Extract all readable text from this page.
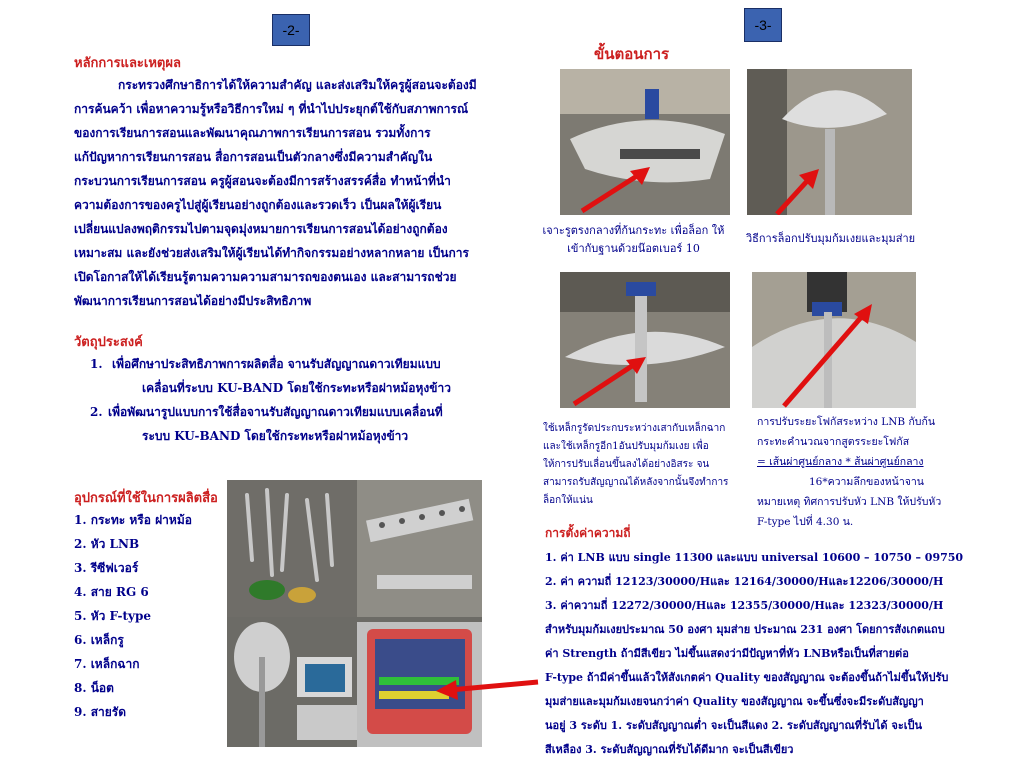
-2-
หลักการและเหตุผล
กระทรวงศึกษาธิการได้ให้ความสำคัญ และส่งเสริมให้ครูผู้สอนจะต้องมี
การค้นคว้า เพื่อหาความรู้หรือวิธีการใหม่ ๆ ที่นำไปประยุกต์ใช้กับสภาพการณ์
ของการเรียนการสอนและพัฒนาคุณภาพการเรียนการสอน รวมทั้งการ
แก้ปัญหาการเรียนการสอน สื่อการสอนเป็นตัวกลางซึ่งมีความสำคัญใน
กระบวนการเรียนการสอน ครูผู้สอนจะต้องมีการสร้างสรรค์สื่อ ทำหน้าที่นำ
ความต้องการของครูไปสู่ผู้เรียนอย่างถูกต้องและรวดเร็ว เป็นผลให้ผู้เรียน
เปลี่ยนแปลงพฤติกรรมไปตามจุดมุ่งหมายการเรียนการสอนได้อย่างถูกต้อง
เหมาะสม และยังช่วยส่งเสริมให้ผู้เรียนได้ทำกิจกรรมอย่างหลากหลาย เป็นการ
เปิดโอกาสให้ได้เรียนรู้ตามความความสามารถของตนเอง และสามารถช่วย
พัฒนาการเรียนการสอนได้อย่างมีประสิทธิภาพ
วัตถุประสงค์
1. เพื่อศึกษาประสิทธิภาพการผลิตสื่อ จานรับสัญญาณดาวเทียมแบบ
เคลื่อนที่ระบบ KU-BAND โดยใช้กระทะหรือฝาหม้อหุงข้าว
2. เพื่อพัฒนารูปแบบการใช้สื่อจานรับสัญญาณดาวเทียมแบบเคลื่อนที่
ระบบ KU-BAND โดยใช้กระทะหรือฝาหม้อหุงข้าว
อุปกรณ์ที่ใช้ในการผลิตสื่อ
1. กระทะ หรือ ฝาหม้อ
2. หัว LNB
3. รีซีฟเวอร์
4. สาย RG 6
5. หัว F-type
6. เหล็กรู
7. เหล็กฉาก
8. น็อต
9. สายรัด
-3-
ขั้นตอนการ
เจาะรูตรงกลางที่ก้นกระทะ เพื่อล็อก ให้เข้ากับฐานด้วยน๊อตเบอร์ 10
วิธีการล็อกปรับมุมก้มเงยและมุมส่าย
ใช้เหล็กรูรัดประกบระหว่างเสากับเหล็กฉาก และใช้เหล็กรูอีก1อันปรับมุมก้มเงย เพื่อให้การปรับเลื่อนขึ้นลงได้อย่างอิสระ จนสามารถรับสัญญาณได้หลังจากนั้นจึงทำการล็อกให้แน่น
การปรับระยะโฟกัสระหว่าง LNB กับก้น
กระทะคำนวณจากสูตรระยะโฟกัส
= เส้นผ่าศูนย์กลาง * ส้นผ่าศูนย์กลาง
16*ความลึกของหน้าจาน
หมายเหตุ ทิศการปรับหัว LNB ให้ปรับหัว
F-type ไปที่ 4.30 น.
การตั้งค่าความถี่
1. ค่า LNB แบบ single 11300 และแบบ universal 10600 – 10750 – 09750
2. ค่า ความถี่ 12123/30000/Hและ 12164/30000/Hและ12206/30000/H
3. ค่าความถี่ 12272/30000/Hและ 12355/30000/Hและ 12323/30000/H
สำหรับมุมก้มเงยประมาณ 50 องศา มุมส่าย ประมาณ 231 องศา โดยการสังเกตแถบ
ค่า Strength ถ้ามีสีเขียว ไม่ขึ้นแสดงว่ามีปัญหาที่หัว LNBหรือเป็นที่สายต่อ
F-type ถ้ามีค่าขึ้นแล้วให้สังเกตค่า Quality ของสัญญาณ จะต้องขึ้นถ้าไม่ขึ้นให้ปรับ
มุมส่ายและมุมก้มเงยจนกว่าค่า Quality ของสัญญาณ จะขึ้นซึ่งจะมีระดับสัญญา
นอยู่ 3 ระดับ 1. ระดับสัญญาณต่ำ จะเป็นสีแดง 2. ระดับสัญญาณที่รับได้ จะเป็น
สีเหลือง 3. ระดับสัญญาณที่รับได้ดีมาก จะเป็นสีเขียว
